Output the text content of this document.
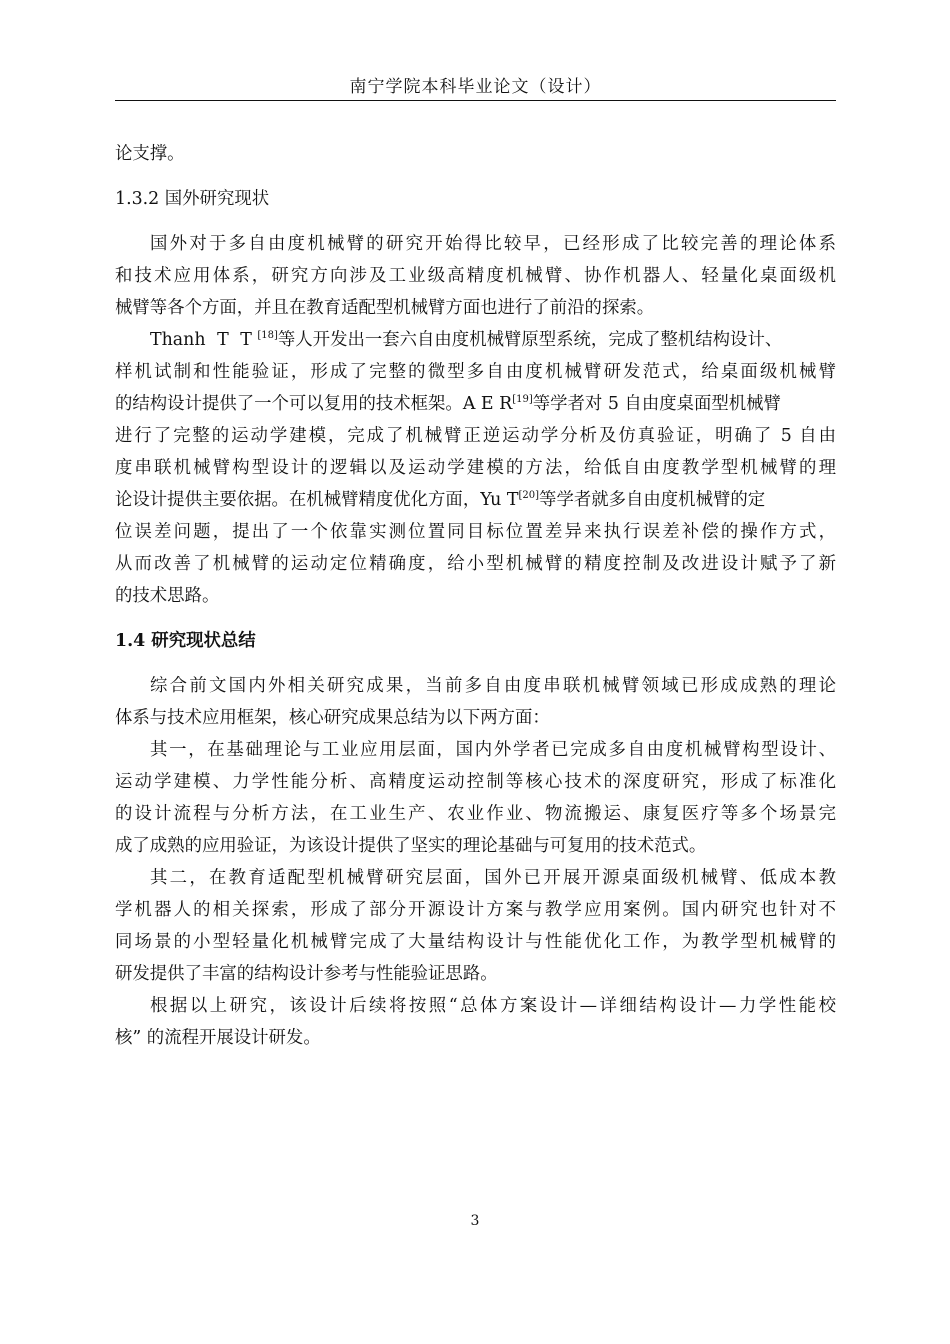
南宁学院本科毕业论文（设计）
论支撑。
1.3.2 国外研究现状
国外对于多自由度机械臂的研究开始得比较早，已经形成了比较完善的理论体系
和技术应用体系，研究方向涉及工业级高精度机械臂、协作机器人、轻量化桌面级机
械臂等各个方面，并且在教育适配型机械臂方面也进行了前沿的探索。
Thanh T T [18]等人开发出一套六自由度机械臂原型系统，完成了整机结构设计、
样机试制和性能验证，形成了完整的微型多自由度机械臂研发范式，给桌面级机械臂
的结构设计提供了一个可以复用的技术框架。A E R[19]等学者对 5 自由度桌面型机械臂
进行了完整的运动学建模，完成了机械臂正逆运动学分析及仿真验证，明确了 5 自由
度串联机械臂构型设计的逻辑以及运动学建模的方法，给低自由度教学型机械臂的理
论设计提供主要依据。在机械臂精度优化方面，Yu T[20]等学者就多自由度机械臂的定
位误差问题，提出了一个依靠实测位置同目标位置差异来执行误差补偿的操作方式，
从而改善了机械臂的运动定位精确度，给小型机械臂的精度控制及改进设计赋予了新
的技术思路。
1.4 研究现状总结
综合前文国内外相关研究成果，当前多自由度串联机械臂领域已形成成熟的理论
体系与技术应用框架，核心研究成果总结为以下两方面：
其一，在基础理论与工业应用层面，国内外学者已完成多自由度机械臂构型设计、
运动学建模、力学性能分析、高精度运动控制等核心技术的深度研究，形成了标准化
的设计流程与分析方法，在工业生产、农业作业、物流搬运、康复医疗等多个场景完
成了成熟的应用验证，为该设计提供了坚实的理论基础与可复用的技术范式。
其二，在教育适配型机械臂研究层面，国外已开展开源桌面级机械臂、低成本教
学机器人的相关探索，形成了部分开源设计方案与教学应用案例。国内研究也针对不
同场景的小型轻量化机械臂完成了大量结构设计与性能优化工作，为教学型机械臂的
研发提供了丰富的结构设计参考与性能验证思路。
根据以上研究，该设计后续将按照“总体方案设计—详细结构设计—力学性能校
核” 的流程开展设计研发。
3
